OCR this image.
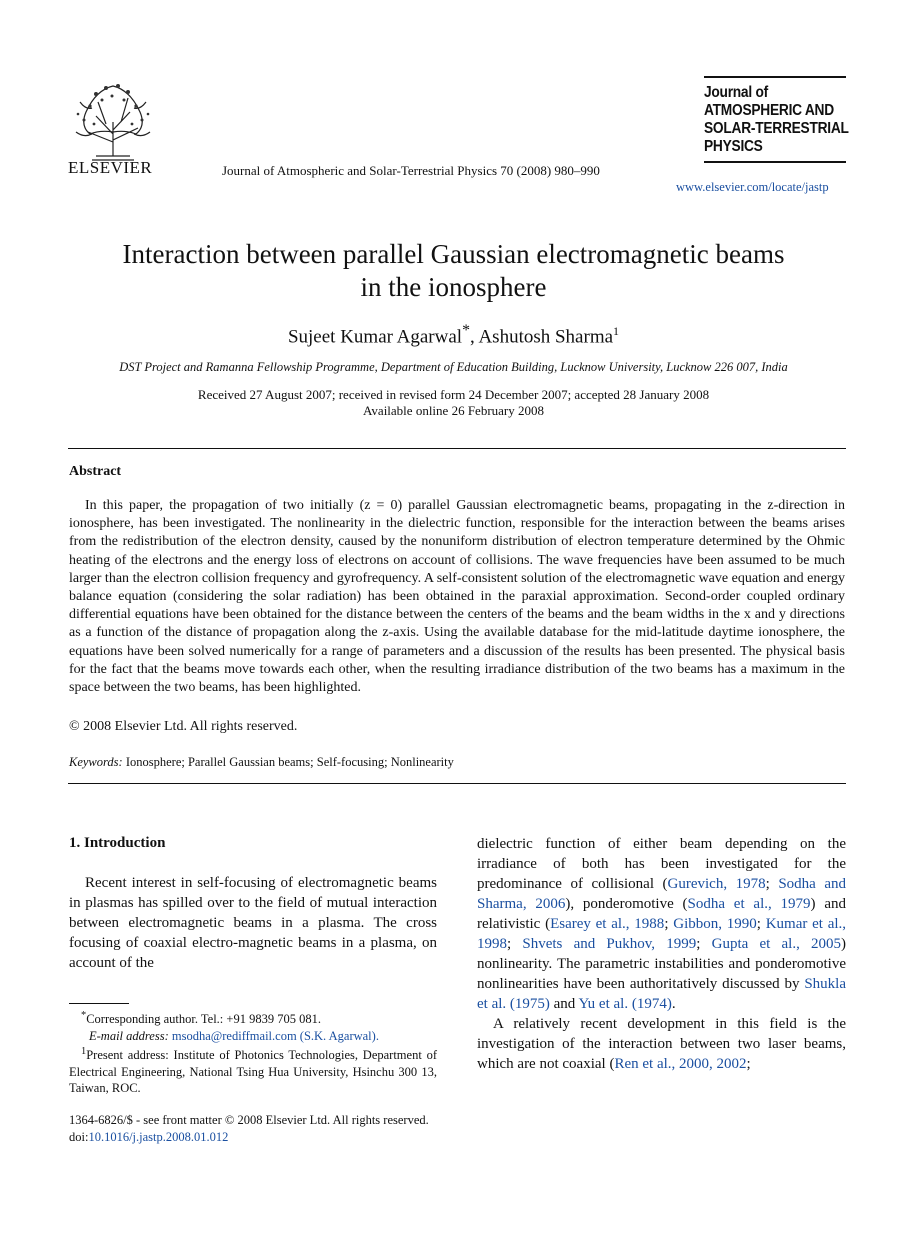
ELSEVIER	Journal of Atmospheric and Solar-Terrestrial Physics 70 (2008) 980–990
Journal of
ATMOSPHERIC AND
SOLAR-TERRESTRIAL
PHYSICS
www.elsevier.com/locate/jastp
Interaction between parallel Gaussian electromagnetic beams
in the ionosphere
Sujeet Kumar Agarwal*, Ashutosh Sharma$^1$
DST Project and Ramanna Fellowship Programme, Department of Education Building, Lucknow University, Lucknow 226 007, India
Received 27 August 2007; received in revised form 24 December 2007; accepted 28 January 2008
Available online 26 February 2008
Abstract
In this paper, the propagation of two initially (z = 0) parallel Gaussian electromagnetic beams, propagating in the z-direction in ionosphere, has been investigated. The nonlinearity in the dielectric function, responsible for the interaction between the beams arises from the redistribution of the electron density, caused by the nonuniform distribution of electron temperature determined by the Ohmic heating of the electrons and the energy loss of electrons on account of collisions. The wave frequencies have been assumed to be much larger than the electron collision frequency and gyrofrequency. A self-consistent solution of the electromagnetic wave equation and energy balance equation (considering the solar radiation) has been obtained in the paraxial approximation. Second-order coupled ordinary differential equations have been obtained for the distance between the centers of the beams and the beam widths in the x and y directions as a function of the distance of propagation along the z-axis. Using the available database for the mid-latitude daytime ionosphere, the equations have been solved numerically for a range of parameters and a discussion of the results has been presented. The physical basis for the fact that the beams move towards each other, when the resulting irradiance distribution of the two beams has a maximum in the space between the two beams, has been highlighted.
© 2008 Elsevier Ltd. All rights reserved.
Keywords: Ionosphere; Parallel Gaussian beams; Self-focusing; Nonlinearity
1. Introduction
Recent interest in self-focusing of electromagnetic beams in plasmas has spilled over to the field of mutual interaction between electromagnetic beams in a plasma. The cross focusing of coaxial electro-magnetic beams in a plasma, on account of the

dielectric function of either beam depending on the irradiance of both has been investigated for the predominance of collisional (Gurevich, 1978; Sodha and Sharma, 2006), ponderomotive (Sodha et al., 1979) and relativistic (Esarey et al., 1988; Gibbon, 1990; Kumar et al., 1998; Shvets and Pukhov, 1999; Gupta et al., 2005) nonlinearity. The parametric instabilities and ponderomotive nonlinearities have been authoritatively discussed by Shukla et al. (1975) and Yu et al. (1974).

A relatively recent development in this field is the investigation of the interaction between two laser beams, which are not coaxial (Ren et al., 2000, 2002;

*Corresponding author. Tel.: +91 9839 705 081.

E-mail address: msodha@rediffmail.com (S.K. Agarwal).

$^1$Present address: Institute of Photonics Technologies, Department of Electrical Engineering, National Tsing Hua University, Hsinchu 300 13, Taiwan, ROC.

1364-6826/$ - see front matter © 2008 Elsevier Ltd. All rights reserved.
doi:10.1016/j.jastp.2008.01.012
